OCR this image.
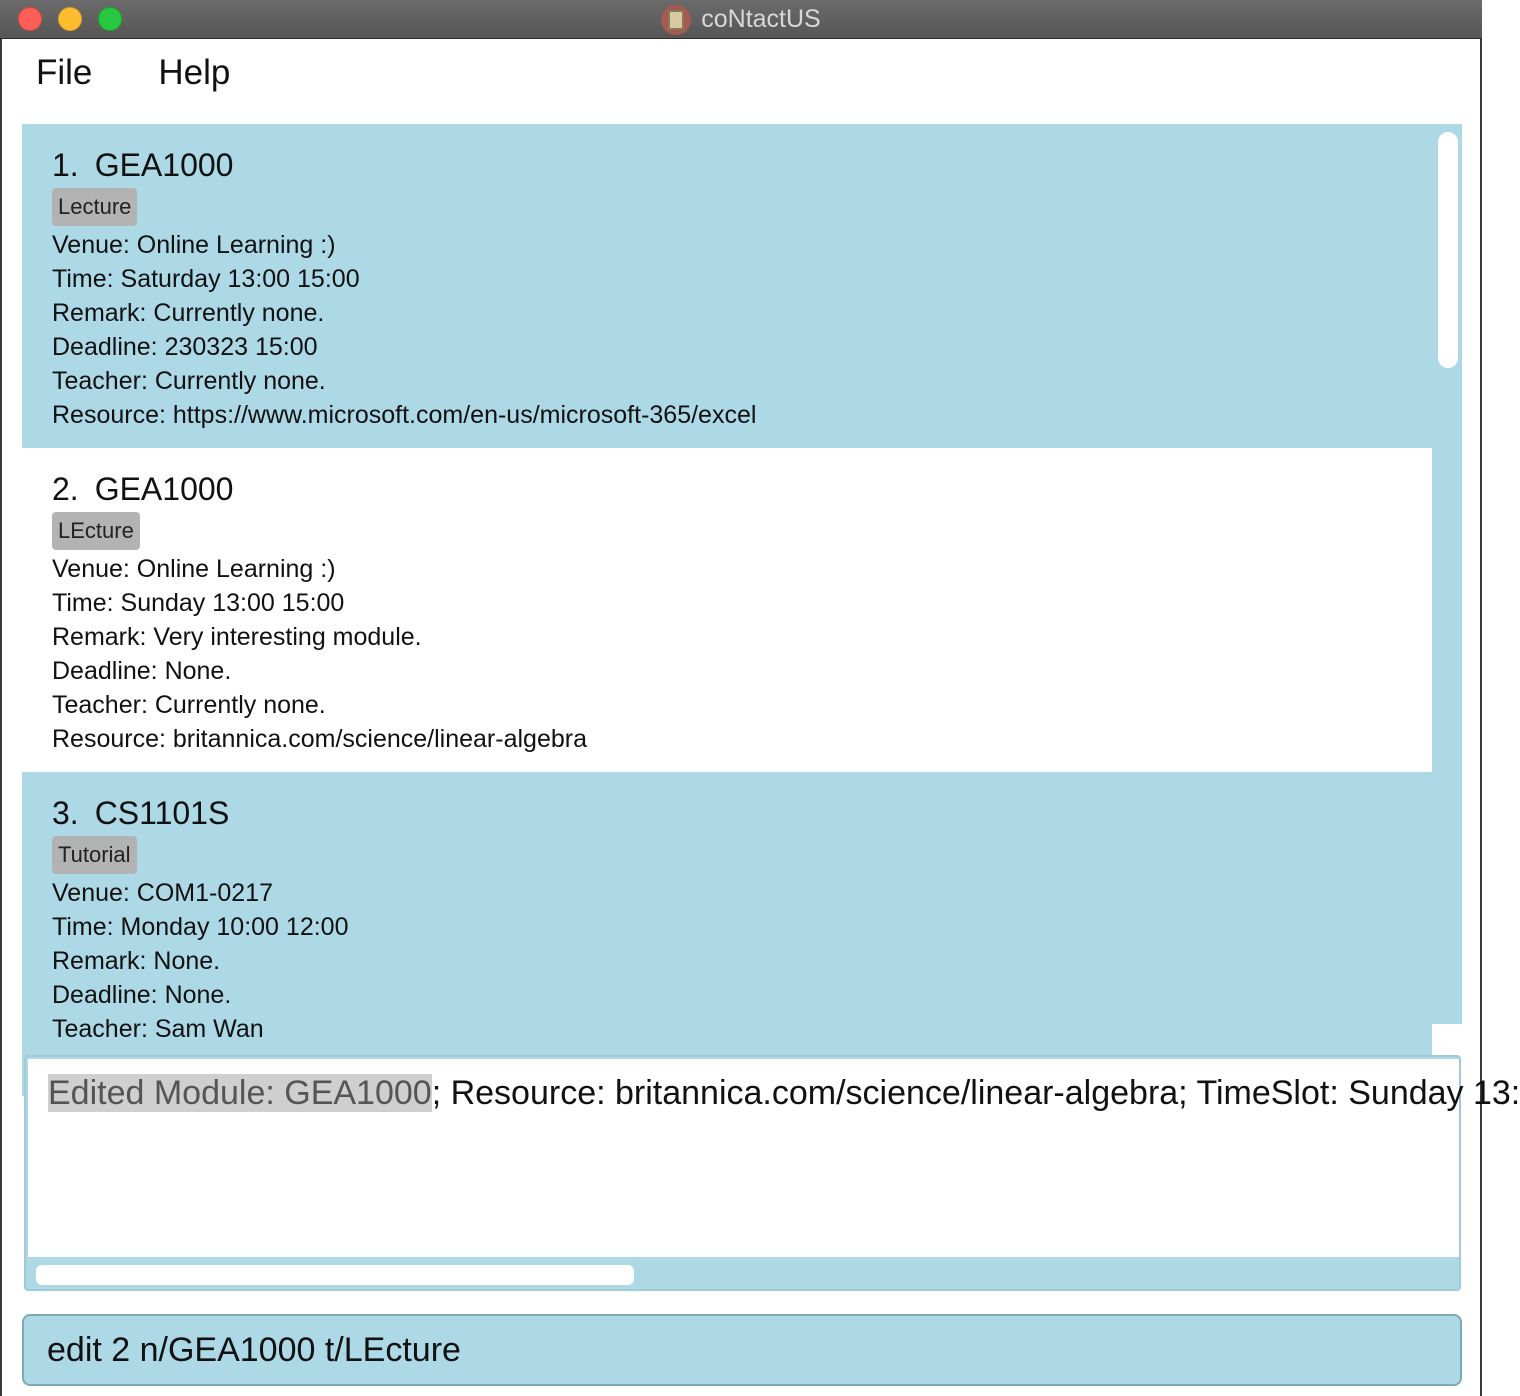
coNtactUS
File	Help
1. GEA1000
Lecture
Venue: Online Learning :)
Time: Saturday 13:00 15:00
Remark: Currently none.
Deadline: 230323 15:00
Teacher: Currently none.
Resource: https://www.microsoft.com/en-us/microsoft-365/excel
2. GEA1000
LEcture
Venue: Online Learning :)
Time: Sunday 13:00 15:00
Remark: Very interesting module.
Deadline: None.
Teacher: Currently none.
Resource: britannica.com/science/linear-algebra
3. CS1101S
Tutorial
Venue: COM1-0217
Time: Monday 10:00 12:00
Remark: None.
Deadline: None.
Teacher: Sam Wan
Edited Module: GEA1000; Resource: britannica.com/science/linear-algebra; TimeSlot: Sunday 13:
edit 2 n/GEA1000 t/LEcture
